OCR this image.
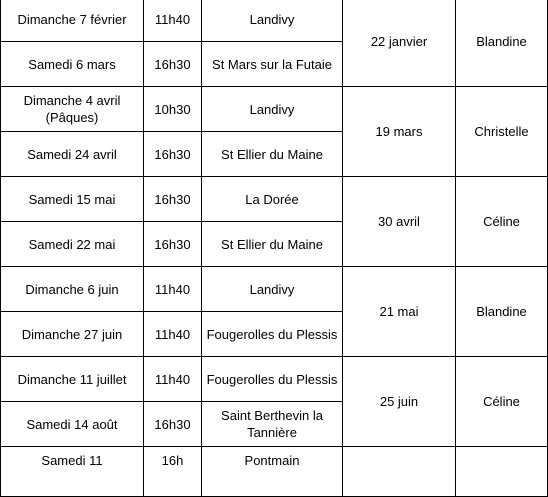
Dimanche 7 février	11h40	Landivy	22 janvier	Blandine
Samedi 6 mars	16h30	St Mars sur la Futaie		
Dimanche 4 avril (Pâques)	10h30	Landivy	19 mars	Christelle
Samedi 24 avril	16h30	St Ellier du Maine		
Samedi 15 mai	16h30	La Dorée	30 avril	Céline
Samedi 22 mai	16h30	St Ellier du Maine		
Dimanche 6 juin	11h40	Landivy	21 mai	Blandine
Dimanche 27 juin	11h40	Fougerolles du Plessis		
Dimanche 11 juillet	11h40	Fougerolles du Plessis	25 juin	Céline
Samedi 14 août	16h30	Saint Berthevin la Tannière		
Samedi 11	16h	Pontmain		
